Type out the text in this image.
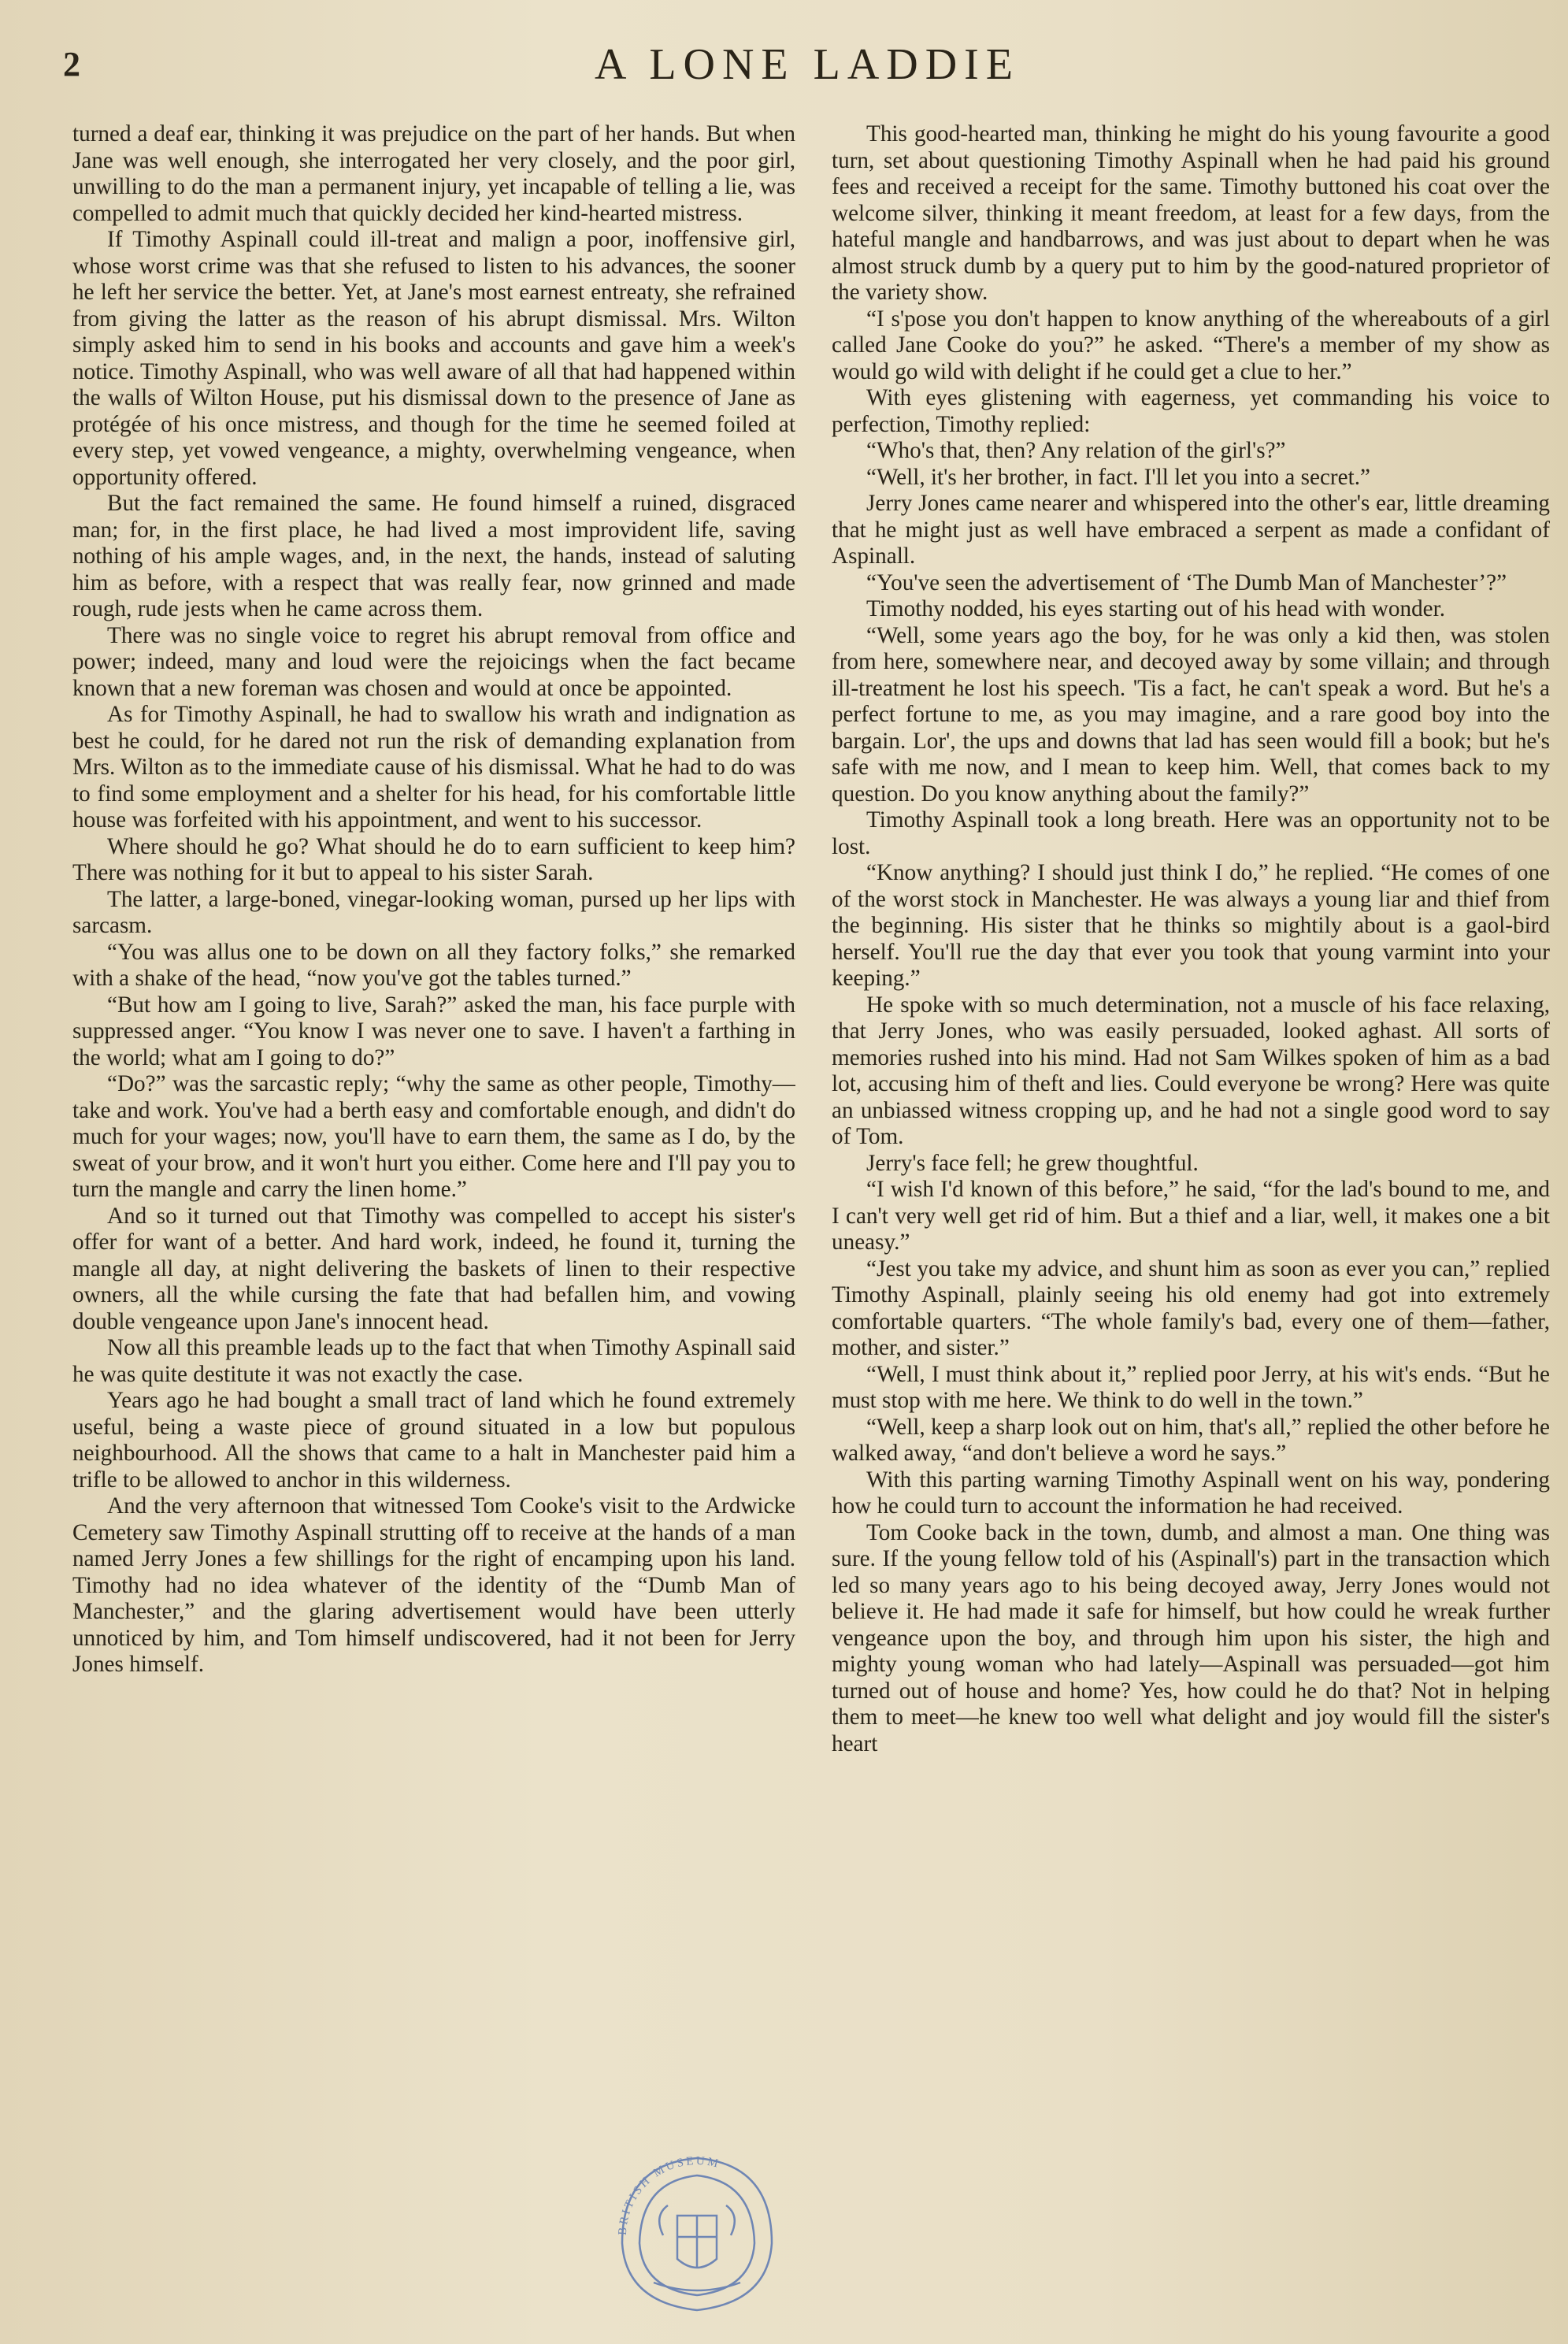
2	A LONE LADDIE

turned a deaf ear, thinking it was prejudice on the part of her hands. But when Jane was well enough, she interrogated her very closely, and the poor girl, unwilling to do the man a permanent injury, yet incapable of telling a lie, was compelled to admit much that quickly decided her kind-hearted mistress.

If Timothy Aspinall could ill-treat and malign a poor, inoffensive girl, whose worst crime was that she refused to listen to his advances, the sooner he left her service the better. Yet, at Jane's most earnest entreaty, she refrained from giving the latter as the reason of his abrupt dismissal. Mrs. Wilton simply asked him to send in his books and accounts and gave him a week's notice. Timothy Aspinall, who was well aware of all that had happened within the walls of Wilton House, put his dismissal down to the presence of Jane as protégée of his once mistress, and though for the time he seemed foiled at every step, yet vowed vengeance, a mighty, overwhelming vengeance, when opportunity offered.

But the fact remained the same. He found himself a ruined, disgraced man; for, in the first place, he had lived a most improvident life, saving nothing of his ample wages, and, in the next, the hands, instead of saluting him as before, with a respect that was really fear, now grinned and made rough, rude jests when he came across them.

There was no single voice to regret his abrupt removal from office and power; indeed, many and loud were the rejoicings when the fact became known that a new foreman was chosen and would at once be appointed.

As for Timothy Aspinall, he had to swallow his wrath and indignation as best he could, for he dared not run the risk of demanding explanation from Mrs. Wilton as to the immediate cause of his dismissal. What he had to do was to find some employment and a shelter for his head, for his comfortable little house was forfeited with his appointment, and went to his successor.

Where should he go? What should he do to earn sufficient to keep him? There was nothing for it but to appeal to his sister Sarah.

The latter, a large-boned, vinegar-looking woman, pursed up her lips with sarcasm.

“You was allus one to be down on all they factory folks,” she remarked with a shake of the head, “now you've got the tables turned.”

“But how am I going to live, Sarah?” asked the man, his face purple with suppressed anger. “You know I was never one to save. I haven't a farthing in the world; what am I going to do?”

“Do?” was the sarcastic reply; “why the same as other people, Timothy—take and work. You've had a berth easy and comfortable enough, and didn't do much for your wages; now, you'll have to earn them, the same as I do, by the sweat of your brow, and it won't hurt you either. Come here and I'll pay you to turn the mangle and carry the linen home.”

And so it turned out that Timothy was compelled to accept his sister's offer for want of a better. And hard work, indeed, he found it, turning the mangle all day, at night delivering the baskets of linen to their respective owners, all the while cursing the fate that had befallen him, and vowing double vengeance upon Jane's innocent head.

Now all this preamble leads up to the fact that when Timothy Aspinall said he was quite destitute it was not exactly the case.

Years ago he had bought a small tract of land which he found extremely useful, being a waste piece of ground situated in a low but populous neighbourhood. All the shows that came to a halt in Manchester paid him a trifle to be allowed to anchor in this wilderness.

And the very afternoon that witnessed Tom Cooke's visit to the Ardwicke Cemetery saw Timothy Aspinall strutting off to receive at the hands of a man named Jerry Jones a few shillings for the right of encamping upon his land. Timothy had no idea whatever of the identity of the “Dumb Man of Manchester,” and the glaring advertisement would have been utterly unnoticed by him, and Tom himself undiscovered, had it not been for Jerry Jones himself.

This good-hearted man, thinking he might do his young favourite a good turn, set about questioning Timothy Aspinall when he had paid his ground fees and received a receipt for the same. Timothy buttoned his coat over the welcome silver, thinking it meant freedom, at least for a few days, from the hateful mangle and handbarrows, and was just about to depart when he was almost struck dumb by a query put to him by the good-natured proprietor of the variety show.

“I s'pose you don't happen to know anything of the whereabouts of a girl called Jane Cooke do you?” he asked. “There's a member of my show as would go wild with delight if he could get a clue to her.”

With eyes glistening with eagerness, yet commanding his voice to perfection, Timothy replied:

“Who's that, then? Any relation of the girl's?”

“Well, it's her brother, in fact. I'll let you into a secret.”

Jerry Jones came nearer and whispered into the other's ear, little dreaming that he might just as well have embraced a serpent as made a confidant of Aspinall.

“You've seen the advertisement of ‘The Dumb Man of Manchester’?”

Timothy nodded, his eyes starting out of his head with wonder.

“Well, some years ago the boy, for he was only a kid then, was stolen from here, somewhere near, and decoyed away by some villain; and through ill-treatment he lost his speech. 'Tis a fact, he can't speak a word. But he's a perfect fortune to me, as you may imagine, and a rare good boy into the bargain. Lor', the ups and downs that lad has seen would fill a book; but he's safe with me now, and I mean to keep him. Well, that comes back to my question. Do you know anything about the family?”

Timothy Aspinall took a long breath. Here was an opportunity not to be lost.

“Know anything? I should just think I do,” he replied. “He comes of one of the worst stock in Manchester. He was always a young liar and thief from the beginning. His sister that he thinks so mightily about is a gaol-bird herself. You'll rue the day that ever you took that young varmint into your keeping.”

He spoke with so much determination, not a muscle of his face relaxing, that Jerry Jones, who was easily persuaded, looked aghast. All sorts of memories rushed into his mind. Had not Sam Wilkes spoken of him as a bad lot, accusing him of theft and lies. Could everyone be wrong? Here was quite an unbiassed witness cropping up, and he had not a single good word to say of Tom.

Jerry's face fell; he grew thoughtful.

“I wish I'd known of this before,” he said, “for the lad's bound to me, and I can't very well get rid of him. But a thief and a liar, well, it makes one a bit uneasy.”

“Jest you take my advice, and shunt him as soon as ever you can,” replied Timothy Aspinall, plainly seeing his old enemy had got into extremely comfortable quarters. “The whole family's bad, every one of them—father, mother, and sister.”

“Well, I must think about it,” replied poor Jerry, at his wit's ends. “But he must stop with me here. We think to do well in the town.”

“Well, keep a sharp look out on him, that's all,” replied the other before he walked away, “and don't believe a word he says.”

With this parting warning Timothy Aspinall went on his way, pondering how he could turn to account the information he had received.

Tom Cooke back in the town, dumb, and almost a man. One thing was sure. If the young fellow told of his (Aspinall's) part in the transaction which led so many years ago to his being decoyed away, Jerry Jones would not believe it. He had made it safe for himself, but how could he wreak further vengeance upon the boy, and through him upon his sister, the high and mighty young woman who had lately—Aspinall was persuaded—got him turned out of house and home? Yes, how could he do that? Not in helping them to meet—he knew too well what delight and joy would fill the sister's heart

BRITISH MUSEUM
